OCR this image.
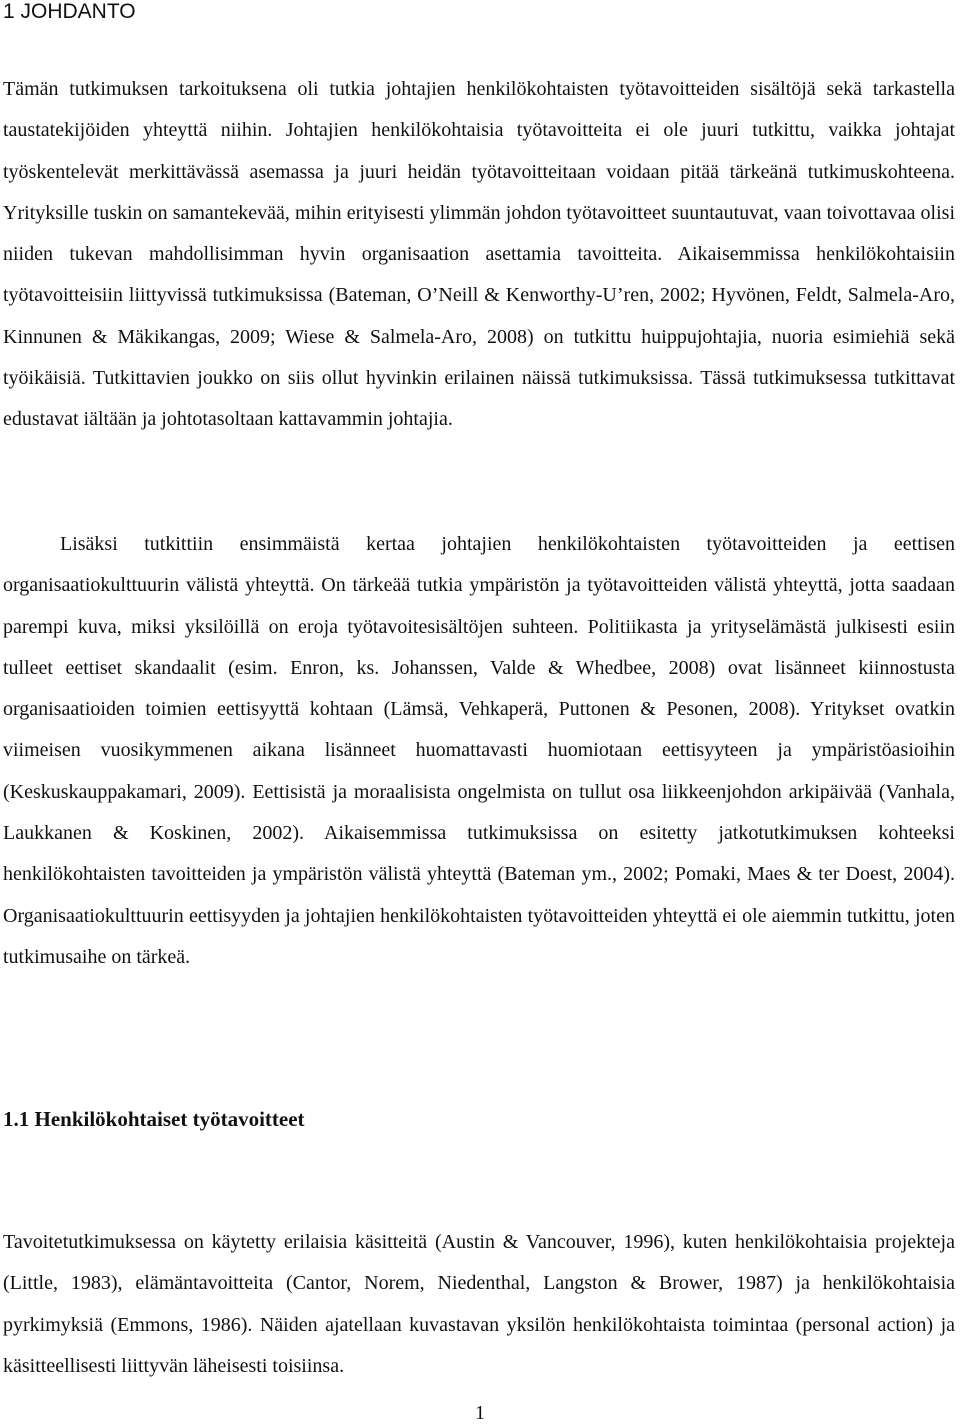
1 JOHDANTO

Tämän tutkimuksen tarkoituksena oli tutkia johtajien henkilökohtaisten työtavoitteiden sisältöjä sekä tarkastella taustatekijöiden yhteyttä niihin. Johtajien henkilökohtaisia työtavoitteita ei ole juuri tutkittu, vaikka johtajat työskentelevät merkittävässä asemassa ja juuri heidän työtavoitteitaan voidaan pitää tärkeänä tutkimuskohteena. Yrityksille tuskin on samantekevää, mihin erityisesti ylimmän johdon työtavoitteet suuntautuvat, vaan toivottavaa olisi niiden tukevan mahdollisimman hyvin organisaation asettamia tavoitteita. Aikaisemmissa henkilökohtaisiin työtavoitteisiin liittyvissä tutkimuksissa (Bateman, O’Neill & Kenworthy-U’ren, 2002; Hyvönen, Feldt, Salmela-Aro, Kinnunen & Mäkikangas, 2009; Wiese & Salmela-Aro, 2008) on tutkittu huippujohtajia, nuoria esimiehiä sekä työikäisiä. Tutkittavien joukko on siis ollut hyvinkin erilainen näissä tutkimuksissa. Tässä tutkimuksessa tutkittavat edustavat iältään ja johtotasoltaan kattavammin johtajia.

Lisäksi tutkittiin ensimmäistä kertaa johtajien henkilökohtaisten työtavoitteiden ja eettisen organisaatiokulttuurin välistä yhteyttä. On tärkeää tutkia ympäristön ja työtavoitteiden välistä yhteyttä, jotta saadaan parempi kuva, miksi yksilöillä on eroja työtavoitesisältöjen suhteen. Politiikasta ja yrityselämästä julkisesti esiin tulleet eettiset skandaalit (esim. Enron, ks. Johanssen, Valde & Whedbee, 2008) ovat lisänneet kiinnostusta organisaatioiden toimien eettisyyttä kohtaan (Lämsä, Vehkaperä, Puttonen & Pesonen, 2008). Yritykset ovatkin viimeisen vuosikymmenen aikana lisänneet huomattavasti huomiotaan eettisyyteen ja ympäristöasioihin (Keskuskauppakamari, 2009). Eettisistä ja moraalisista ongelmista on tullut osa liikkeenjohdon arkipäivää (Vanhala, Laukkanen & Koskinen, 2002). Aikaisemmissa tutkimuksissa on esitetty jatkotutkimuksen kohteeksi henkilökohtaisten tavoitteiden ja ympäristön välistä yhteyttä (Bateman ym., 2002; Pomaki, Maes & ter Doest, 2004). Organisaatiokulttuurin eettisyyden ja johtajien henkilökohtaisten työtavoitteiden yhteyttä ei ole aiemmin tutkittu, joten tutkimusaihe on tärkeä.

1.1 Henkilökohtaiset työtavoitteet

Tavoitetutkimuksessa on käytetty erilaisia käsitteitä (Austin & Vancouver, 1996), kuten henkilökohtaisia projekteja (Little, 1983), elämäntavoitteita (Cantor, Norem, Niedenthal, Langston & Brower, 1987) ja henkilökohtaisia pyrkimyksiä (Emmons, 1986). Näiden ajatellaan kuvastavan yksilön henkilökohtaista toimintaa (personal action) ja käsitteellisesti liittyvän läheisesti toisiinsa.

1
